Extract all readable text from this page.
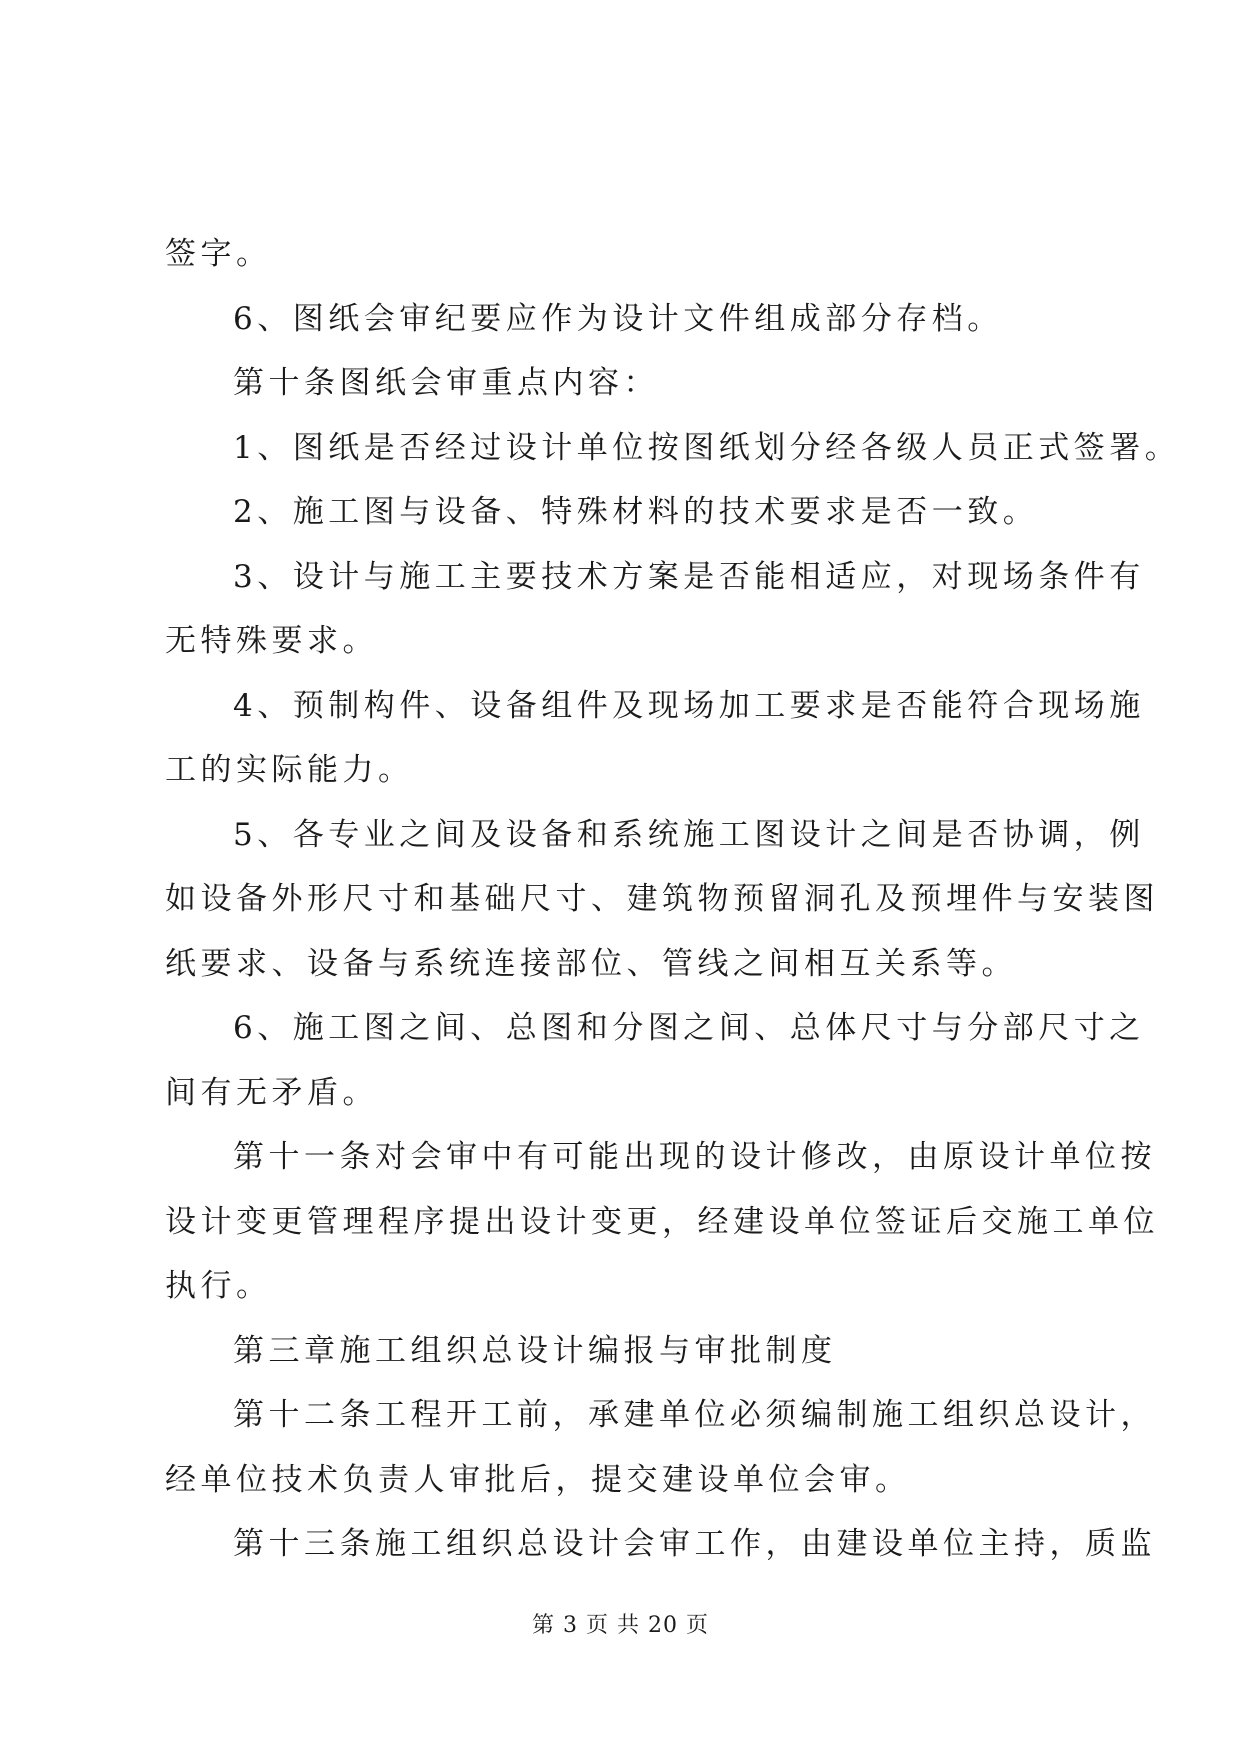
签字。
6、图纸会审纪要应作为设计文件组成部分存档。
第十条图纸会审重点内容：
1、图纸是否经过设计单位按图纸划分经各级人员正式签署。
2、施工图与设备、特殊材料的技术要求是否一致。
3、设计与施工主要技术方案是否能相适应，对现场条件有
无特殊要求。
4、预制构件、设备组件及现场加工要求是否能符合现场施
工的实际能力。
5、各专业之间及设备和系统施工图设计之间是否协调，例
如设备外形尺寸和基础尺寸、建筑物预留洞孔及预埋件与安装图
纸要求、设备与系统连接部位、管线之间相互关系等。
6、施工图之间、总图和分图之间、总体尺寸与分部尺寸之
间有无矛盾。
第十一条对会审中有可能出现的设计修改，由原设计单位按
设计变更管理程序提出设计变更，经建设单位签证后交施工单位
执行。
第三章施工组织总设计编报与审批制度
第十二条工程开工前，承建单位必须编制施工组织总设计，
经单位技术负责人审批后，提交建设单位会审。
第十三条施工组织总设计会审工作，由建设单位主持，质监
第 3 页 共 20 页
